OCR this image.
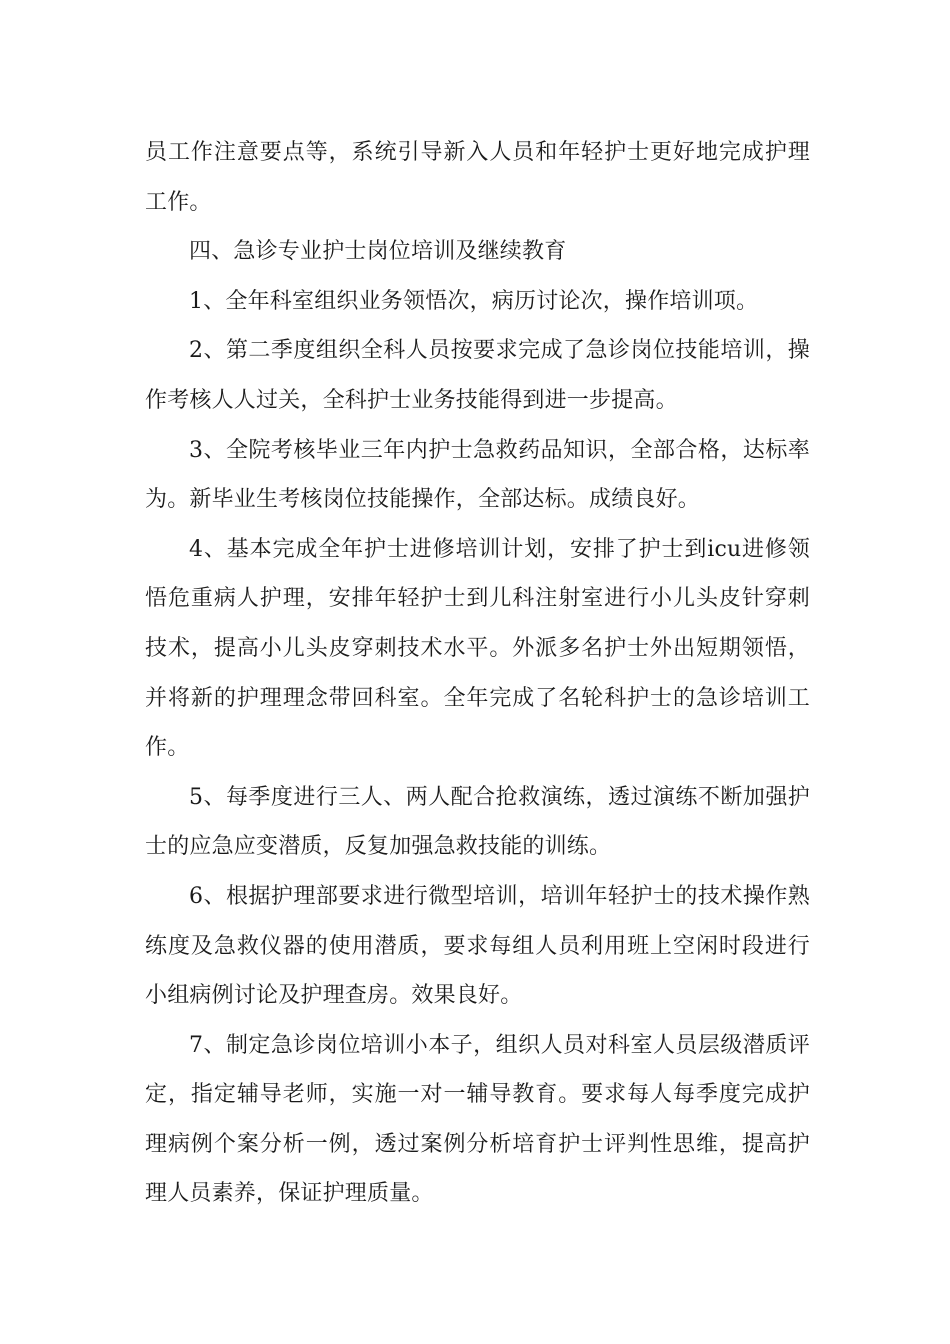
员工作注意要点等，系统引导新入人员和年轻护士更好地完成护理工作。

四、急诊专业护士岗位培训及继续教育

1、全年科室组织业务领悟次，病历讨论次，操作培训项。

2、第二季度组织全科人员按要求完成了急诊岗位技能培训，操作考核人人过关，全科护士业务技能得到进一步提高。

3、全院考核毕业三年内护士急救药品知识，全部合格，达标率为。新毕业生考核岗位技能操作，全部达标。成绩良好。

4、基本完成全年护士进修培训计划，安排了护士到icu进修领悟危重病人护理，安排年轻护士到儿科注射室进行小儿头皮针穿刺技术，提高小儿头皮穿刺技术水平。外派多名护士外出短期领悟，并将新的护理理念带回科室。全年完成了名轮科护士的急诊培训工作。

5、每季度进行三人、两人配合抢救演练，透过演练不断加强护士的应急应变潜质，反复加强急救技能的训练。

6、根据护理部要求进行微型培训，培训年轻护士的技术操作熟练度及急救仪器的使用潜质，要求每组人员利用班上空闲时段进行小组病例讨论及护理查房。效果良好。

7、制定急诊岗位培训小本子，组织人员对科室人员层级潜质评定，指定辅导老师，实施一对一辅导教育。要求每人每季度完成护理病例个案分析一例，透过案例分析培育护士评判性思维，提高护理人员素养，保证护理质量。
